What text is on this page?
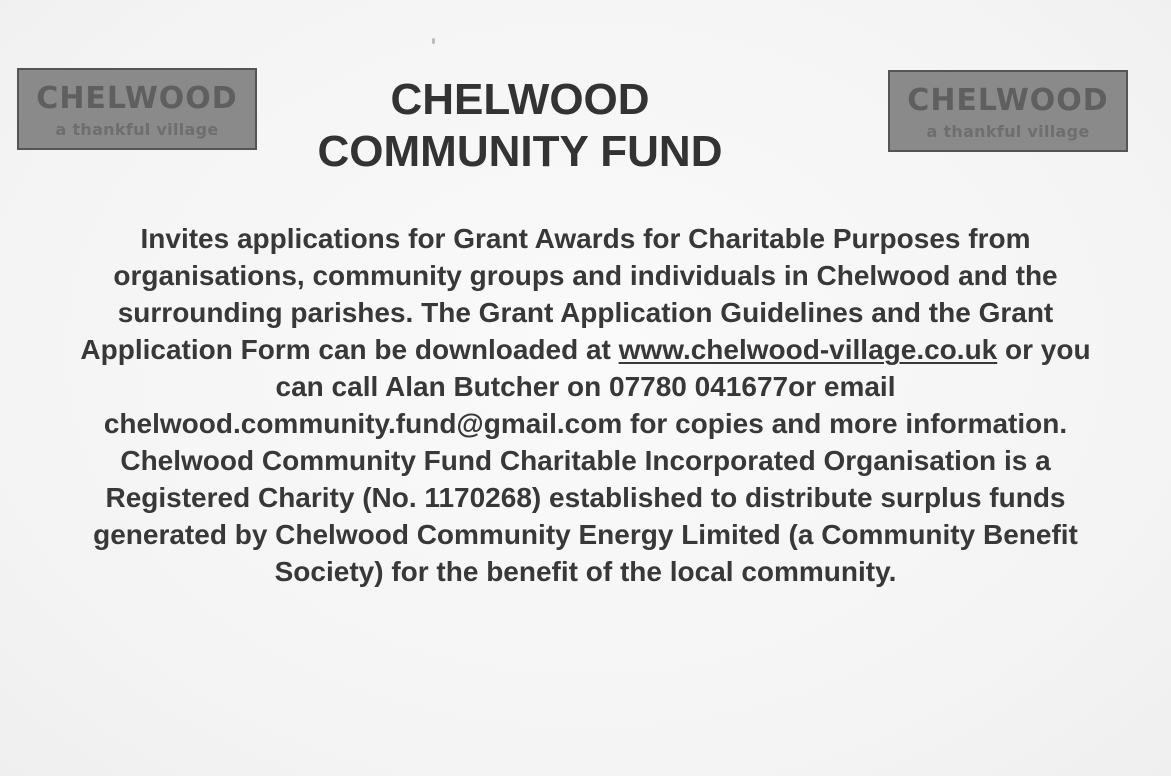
CHELWOOD
a thankful village
CHELWOOD
COMMUNITY FUND
CHELWOOD
a thankful village

Invites applications for Grant Awards for Charitable Purposes from organisations, community groups and individuals in Chelwood and the surrounding parishes. The Grant Application Guidelines and the Grant Application Form can be downloaded at www.chelwood-village.co.uk or you can call Alan Butcher on 07780 041677or email chelwood.community.fund@gmail.com for copies and more information.

Chelwood Community Fund Charitable Incorporated Organisation is a Registered Charity (No. 1170268) established to distribute surplus funds generated by Chelwood Community Energy Limited (a Community Benefit Society) for the benefit of the local community.
